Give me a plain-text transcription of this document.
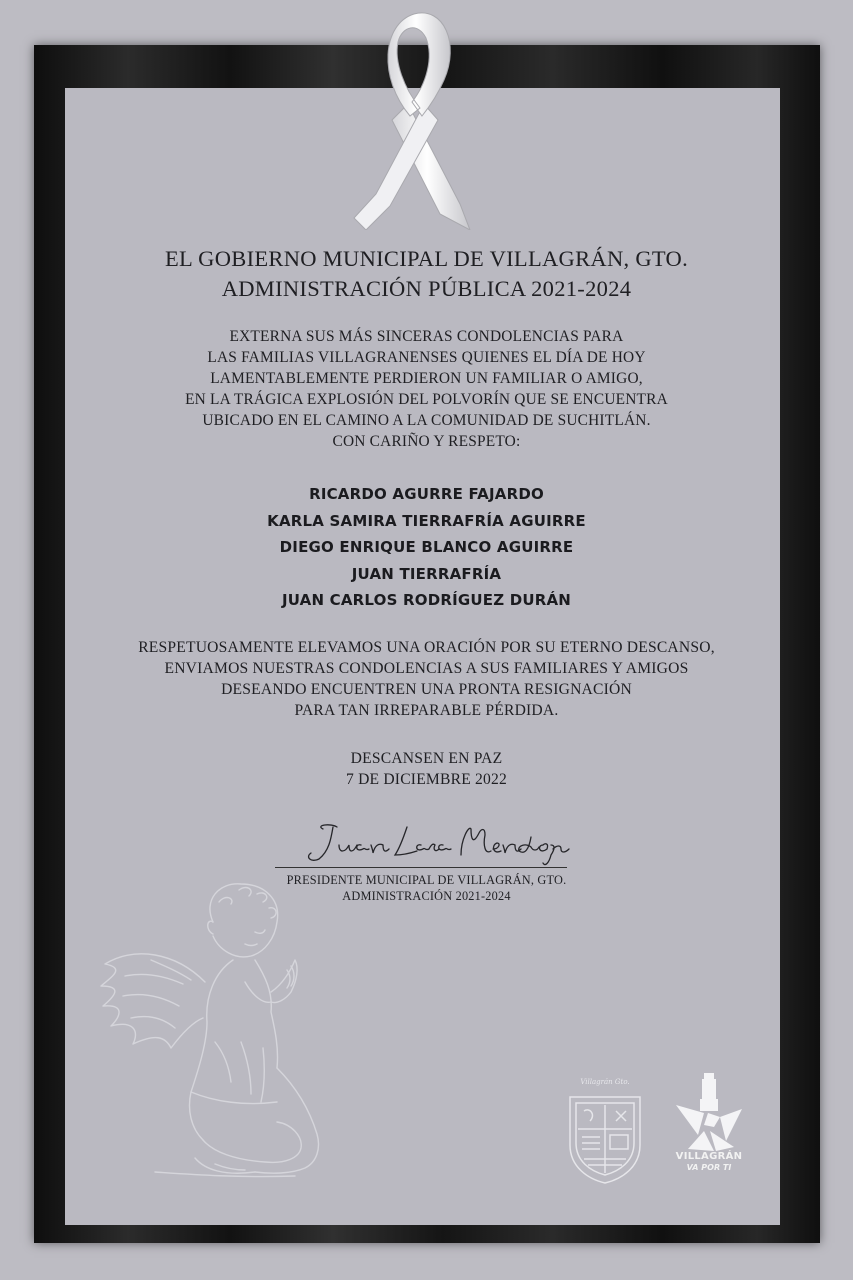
EL GOBIERNO MUNICIPAL DE VILLAGRÁN, GTO.
ADMINISTRACIÓN PÚBLICA 2021-2024
EXTERNA SUS MÁS SINCERAS CONDOLENCIAS PARA
LAS FAMILIAS VILLAGRANENSES QUIENES EL DÍA DE HOY
LAMENTABLEMENTE PERDIERON UN FAMILIAR O AMIGO,
EN LA TRÁGICA EXPLOSIÓN DEL POLVORÍN QUE SE ENCUENTRA
UBICADO EN EL CAMINO A LA COMUNIDAD DE SUCHITLÁN.
CON CARIÑO Y RESPETO:
RICARDO AGURRE FAJARDO
KARLA SAMIRA TIERRAFRÍA AGUIRRE
DIEGO ENRIQUE BLANCO AGUIRRE
JUAN TIERRAFRÍA
JUAN CARLOS RODRÍGUEZ DURÁN
RESPETUOSAMENTE ELEVAMOS UNA ORACIÓN POR SU ETERNO DESCANSO,
ENVIAMOS NUESTRAS CONDOLENCIAS A SUS FAMILIARES Y AMIGOS
DESEANDO ENCUENTREN UNA PRONTA RESIGNACIÓN
PARA TAN IRREPARABLE PÉRDIDA.
DESCANSEN EN PAZ
7 DE DICIEMBRE 2022
PRESIDENTE MUNICIPAL DE VILLAGRÁN, GTO.
ADMINISTRACIÓN 2021-2024
Villagrán Gto.
VILLAGRÁN
VA POR TI
